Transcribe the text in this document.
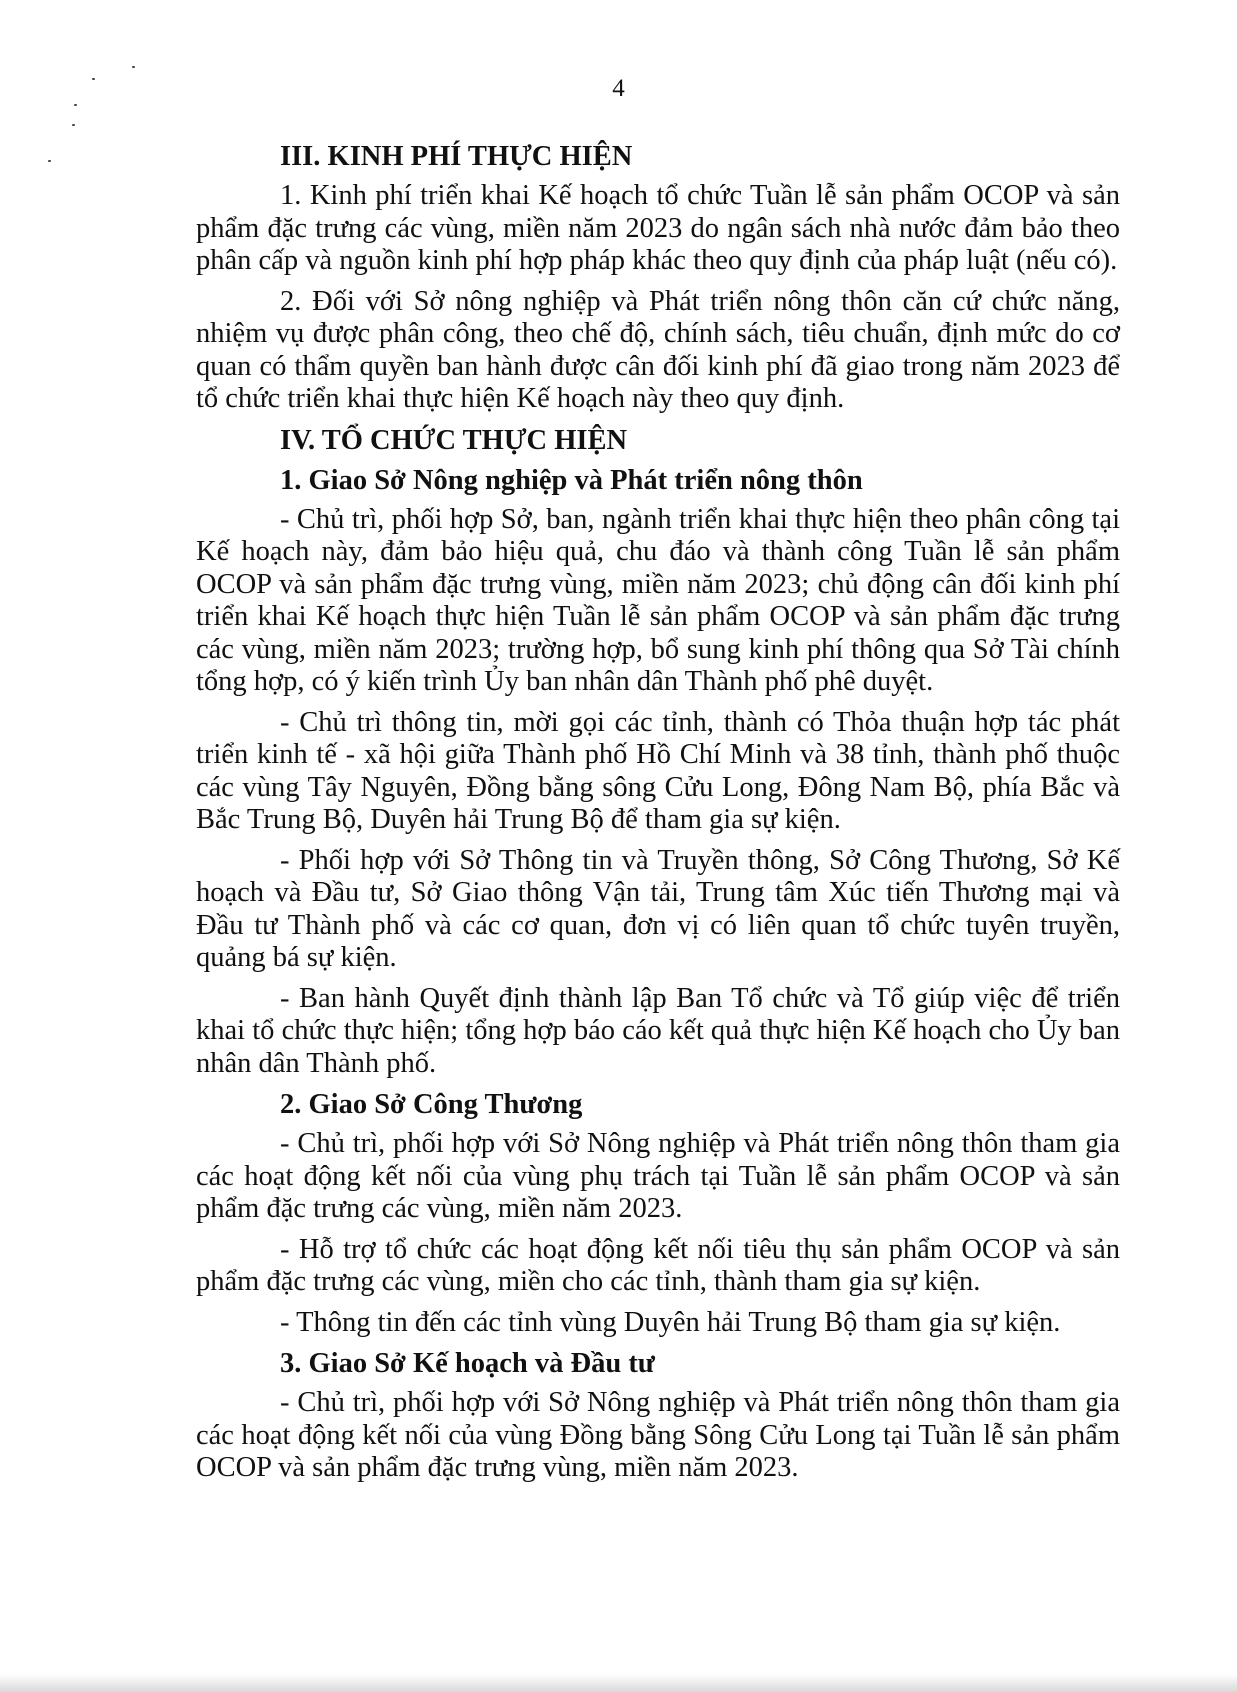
4
III. KINH PHÍ THỰC HIỆN

1. Kinh phí triển khai Kế hoạch tổ chức Tuần lễ sản phẩm OCOP và sản phẩm đặc trưng các vùng, miền năm 2023 do ngân sách nhà nước đảm bảo theo phân cấp và nguồn kinh phí hợp pháp khác theo quy định của pháp luật (nếu có).

2. Đối với Sở nông nghiệp và Phát triển nông thôn căn cứ chức năng, nhiệm vụ được phân công, theo chế độ, chính sách, tiêu chuẩn, định mức do cơ quan có thẩm quyền ban hành được cân đối kinh phí đã giao trong năm 2023 để tổ chức triển khai thực hiện Kế hoạch này theo quy định.

IV. TỔ CHỨC THỰC HIỆN
1. Giao Sở Nông nghiệp và Phát triển nông thôn

- Chủ trì, phối hợp Sở, ban, ngành triển khai thực hiện theo phân công tại Kế hoạch này, đảm bảo hiệu quả, chu đáo và thành công Tuần lễ sản phẩm OCOP và sản phẩm đặc trưng vùng, miền năm 2023; chủ động cân đối kinh phí triển khai Kế hoạch thực hiện Tuần lễ sản phẩm OCOP và sản phẩm đặc trưng các vùng, miền năm 2023; trường hợp, bổ sung kinh phí thông qua Sở Tài chính tổng hợp, có ý kiến trình Ủy ban nhân dân Thành phố phê duyệt.

- Chủ trì thông tin, mời gọi các tỉnh, thành có Thỏa thuận hợp tác phát triển kinh tế - xã hội giữa Thành phố Hồ Chí Minh và 38 tỉnh, thành phố thuộc các vùng Tây Nguyên, Đồng bằng sông Cửu Long, Đông Nam Bộ, phía Bắc và Bắc Trung Bộ, Duyên hải Trung Bộ để tham gia sự kiện.

- Phối hợp với Sở Thông tin và Truyền thông, Sở Công Thương, Sở Kế hoạch và Đầu tư, Sở Giao thông Vận tải, Trung tâm Xúc tiến Thương mại và Đầu tư Thành phố và các cơ quan, đơn vị có liên quan tổ chức tuyên truyền, quảng bá sự kiện.

- Ban hành Quyết định thành lập Ban Tổ chức và Tổ giúp việc để triển khai tổ chức thực hiện; tổng hợp báo cáo kết quả thực hiện Kế hoạch cho Ủy ban nhân dân Thành phố.

2. Giao Sở Công Thương

- Chủ trì, phối hợp với Sở Nông nghiệp và Phát triển nông thôn tham gia các hoạt động kết nối của vùng phụ trách tại Tuần lễ sản phẩm OCOP và sản phẩm đặc trưng các vùng, miền năm 2023.

- Hỗ trợ tổ chức các hoạt động kết nối tiêu thụ sản phẩm OCOP và sản phẩm đặc trưng các vùng, miền cho các tỉnh, thành tham gia sự kiện.

- Thông tin đến các tỉnh vùng Duyên hải Trung Bộ tham gia sự kiện.

3. Giao Sở Kế hoạch và Đầu tư

- Chủ trì, phối hợp với Sở Nông nghiệp và Phát triển nông thôn tham gia các hoạt động kết nối của vùng Đồng bằng Sông Cửu Long tại Tuần lễ sản phẩm OCOP và sản phẩm đặc trưng vùng, miền năm 2023.
